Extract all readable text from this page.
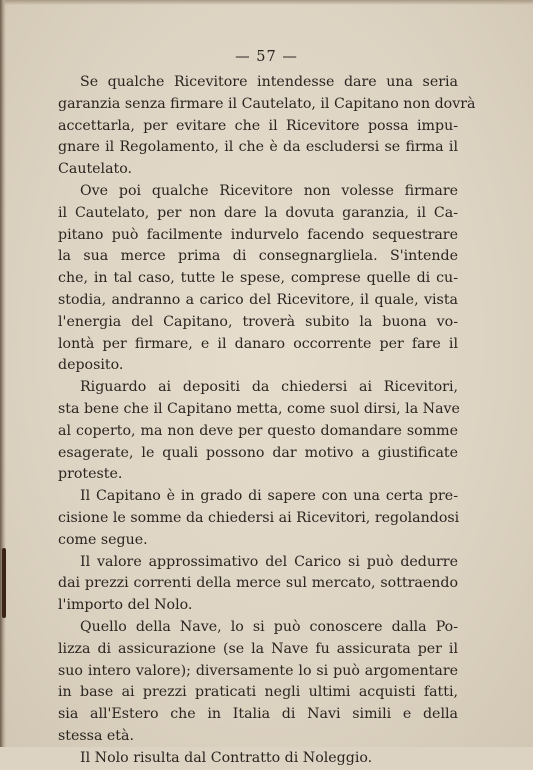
— 57 —
Se qualche Ricevitore intendesse dare una seria
garanzia senza firmare il Cautelato, il Capitano non dovrà
accettarla, per evitare che il Ricevitore possa impu-
gnare il Regolamento, il che è da escludersi se firma il
Cautelato.
Ove poi qualche Ricevitore non volesse firmare
il Cautelato, per non dare la dovuta garanzia, il Ca-
pitano può facilmente indurvelo facendo sequestrare
la sua merce prima di consegnargliela. S'intende
che, in tal caso, tutte le spese, comprese quelle di cu-
stodia, andranno a carico del Ricevitore, il quale, vista
l'energia del Capitano, troverà subito la buona vo-
lontà per firmare, e il danaro occorrente per fare il
deposito.
Riguardo ai depositi da chiedersi ai Ricevitori,
sta bene che il Capitano metta, come suol dirsi, la Nave
al coperto, ma non deve per questo domandare somme
esagerate, le quali possono dar motivo a giustificate
proteste.
Il Capitano è in grado di sapere con una certa pre-
cisione le somme da chiedersi ai Ricevitori, regolandosi
come segue.
Il valore approssimativo del Carico si può dedurre
dai prezzi correnti della merce sul mercato, sottraendo
l'importo del Nolo.
Quello della Nave, lo si può conoscere dalla Po-
lizza di assicurazione (se la Nave fu assicurata per il
suo intero valore); diversamente lo si può argomentare
in base ai prezzi praticati negli ultimi acquisti fatti,
sia all'Estero che in Italia di Navi simili e della
stessa età.
Il Nolo risulta dal Contratto di Noleggio.
